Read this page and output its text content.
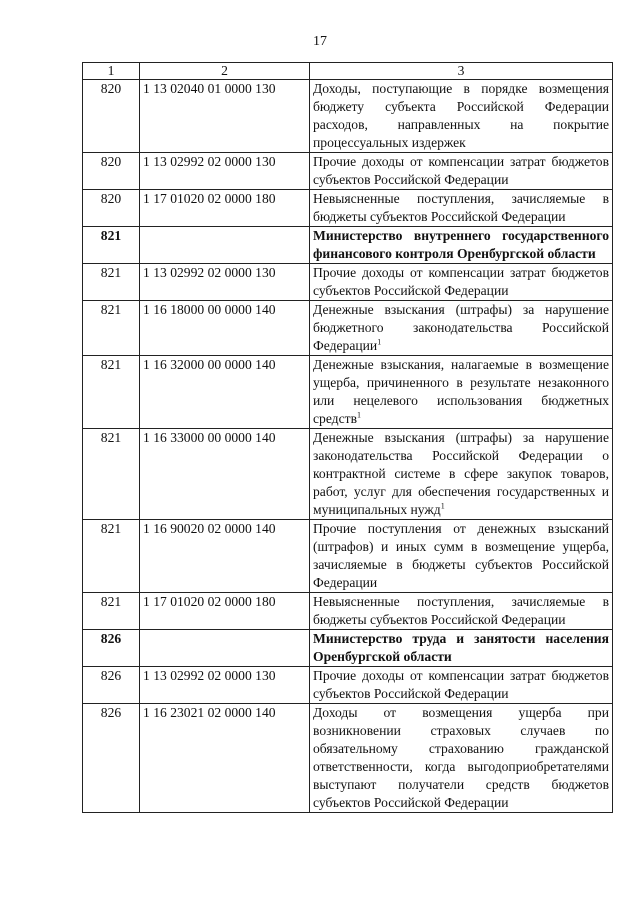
17
1	2	3
820	1 13 02040 01 0000 130	Доходы, поступающие в порядке возмещения бюджету субъекта Российской Федерации расходов, направленных на покрытие процессуальных издержек
820	1 13 02992 02 0000 130	Прочие доходы от компенсации затрат бюджетов субъектов Российской Федерации
820	1 17 01020 02 0000 180	Невыясненные поступления, зачисляемые в бюджеты субъектов Российской Федерации
821		Министерство внутреннего государственного финансового контроля Оренбургской области
821	1 13 02992 02 0000 130	Прочие доходы от компенсации затрат бюджетов субъектов Российской Федерации
821	1 16 18000 00 0000 140	Денежные взыскания (штрафы) за нарушение бюджетного законодательства Российской Федерации$^1$
821	1 16 32000 00 0000 140	Денежные взыскания, налагаемые в возмещение ущерба, причиненного в результате незаконного или нецелевого использования бюджетных средств$^1$
821	1 16 33000 00 0000 140	Денежные взыскания (штрафы) за нарушение законодательства Российской Федерации о контрактной системе в сфере закупок товаров, работ, услуг для обеспечения государственных и муниципальных нужд$^1$
821	1 16 90020 02 0000 140	Прочие поступления от денежных взысканий (штрафов) и иных сумм в возмещение ущерба, зачисляемые в бюджеты субъектов Российской Федерации
821	1 17 01020 02 0000 180	Невыясненные поступления, зачисляемые в бюджеты субъектов Российской Федерации
826		Министерство труда и занятости населения Оренбургской области
826	1 13 02992 02 0000 130	Прочие доходы от компенсации затрат бюджетов субъектов Российской Федерации
826	1 16 23021 02 0000 140	Доходы от возмещения ущерба при возникновении страховых случаев по обязательному страхованию гражданской ответственности, когда выгодоприобретателями выступают получатели средств бюджетов субъектов Российской Федерации
